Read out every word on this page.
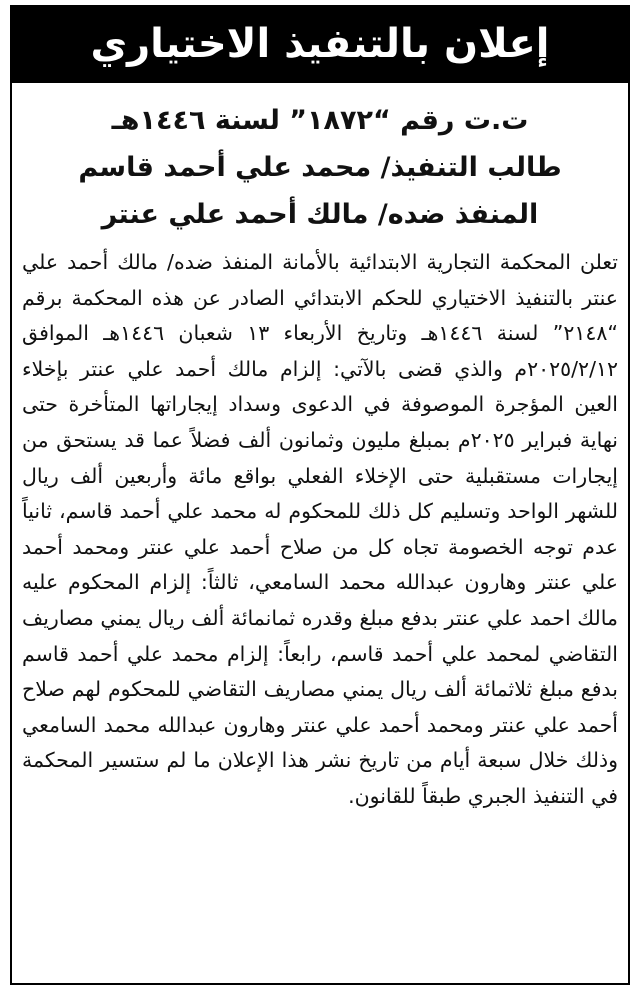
إعلان بالتنفيذ الاختياري
ت.ت رقم “١٨٧٢” لسنة ١٤٤٦هـ
طالب التنفيذ/ محمد علي أحمد قاسم
المنفذ ضده/ مالك أحمد علي عنتر
تعلن المحكمة التجارية الابتدائية بالأمانة المنفذ ضده/ مالك أحمد علي عنتر بالتنفيذ الاختياري للحكم الابتدائي الصادر عن هذه المحكمة برقم “٢١٤٨” لسنة ١٤٤٦هـ وتاريخ الأربعاء ١٣ شعبان ١٤٤٦هـ الموافق ٢٠٢٥/٢/١٢م والذي قضى بالآتي: إلزام مالك أحمد علي عنتر بإخلاء العين المؤجرة الموصوفة في الدعوى وسداد إيجاراتها المتأخرة حتى نهاية فبراير ٢٠٢٥م بمبلغ مليون وثمانون ألف فضلاً عما قد يستحق من إيجارات مستقبلية حتى الإخلاء الفعلي بواقع مائة وأربعين ألف ريال للشهر الواحد وتسليم كل ذلك للمحكوم له محمد علي أحمد قاسم، ثانياً عدم توجه الخصومة تجاه كل من صلاح أحمد علي عنتر ومحمد أحمد علي عنتر وهارون عبدالله محمد السامعي، ثالثاً: إلزام المحكوم عليه مالك احمد علي عنتر بدفع مبلغ وقدره ثمانمائة ألف ريال يمني مصاريف التقاضي لمحمد علي أحمد قاسم، رابعاً: إلزام محمد علي أحمد قاسم بدفع مبلغ ثلاثمائة ألف ريال يمني مصاريف التقاضي للمحكوم لهم صلاح أحمد علي عنتر ومحمد أحمد علي عنتر وهارون عبدالله محمد السامعي وذلك خلال سبعة أيام من تاريخ نشر هذا الإعلان ما لم ستسير المحكمة في التنفيذ الجبري طبقاً للقانون.
